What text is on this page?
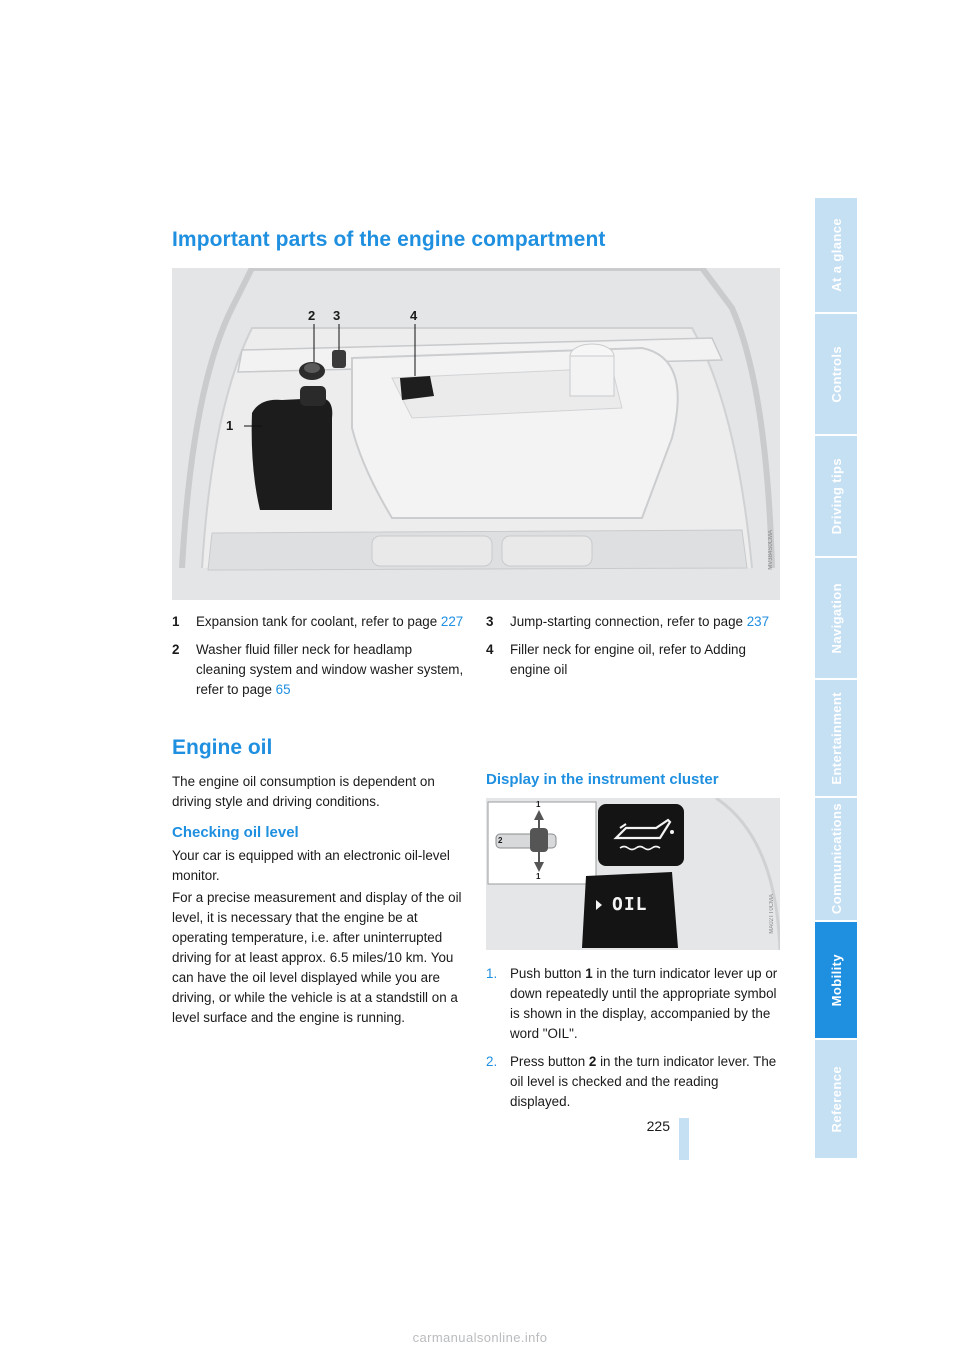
Important parts of the engine compartment
1
2 3	4
MV384S0CMA
1 Expansion tank for coolant, refer to page 227
2 Washer fluid filler neck for headlamp cleaning system and window washer system, refer to page 65
3 Jump-starting connection, refer to page 237
4 Filler neck for engine oil, refer to Adding engine oil
Engine oil

The engine oil consumption is dependent on driving style and driving conditions.

Checking oil level

Your car is equipped with an electronic oil-level monitor.

For a precise measurement and display of the oil level, it is necessary that the engine be at operating temperature, i.e. after uninterrupted driving for at least approx. 6.5 miles/10 km. You can have the oil level displayed while you are driving, or while the vehicle is at a standstill on a level surface and the engine is running.

Display in the instrument cluster
1
2
1
OIL	MA02TT0CMA
1. Push button 1 in the turn indicator lever up or down repeatedly until the appropriate symbol is shown in the display, accompanied by the word "OIL".
2. Press button 2 in the turn indicator lever. The oil level is checked and the reading displayed.
225
At a glance
Controls
Driving tips
Navigation
Entertainment
Communications
Mobility
Reference
carmanualsonline.info
